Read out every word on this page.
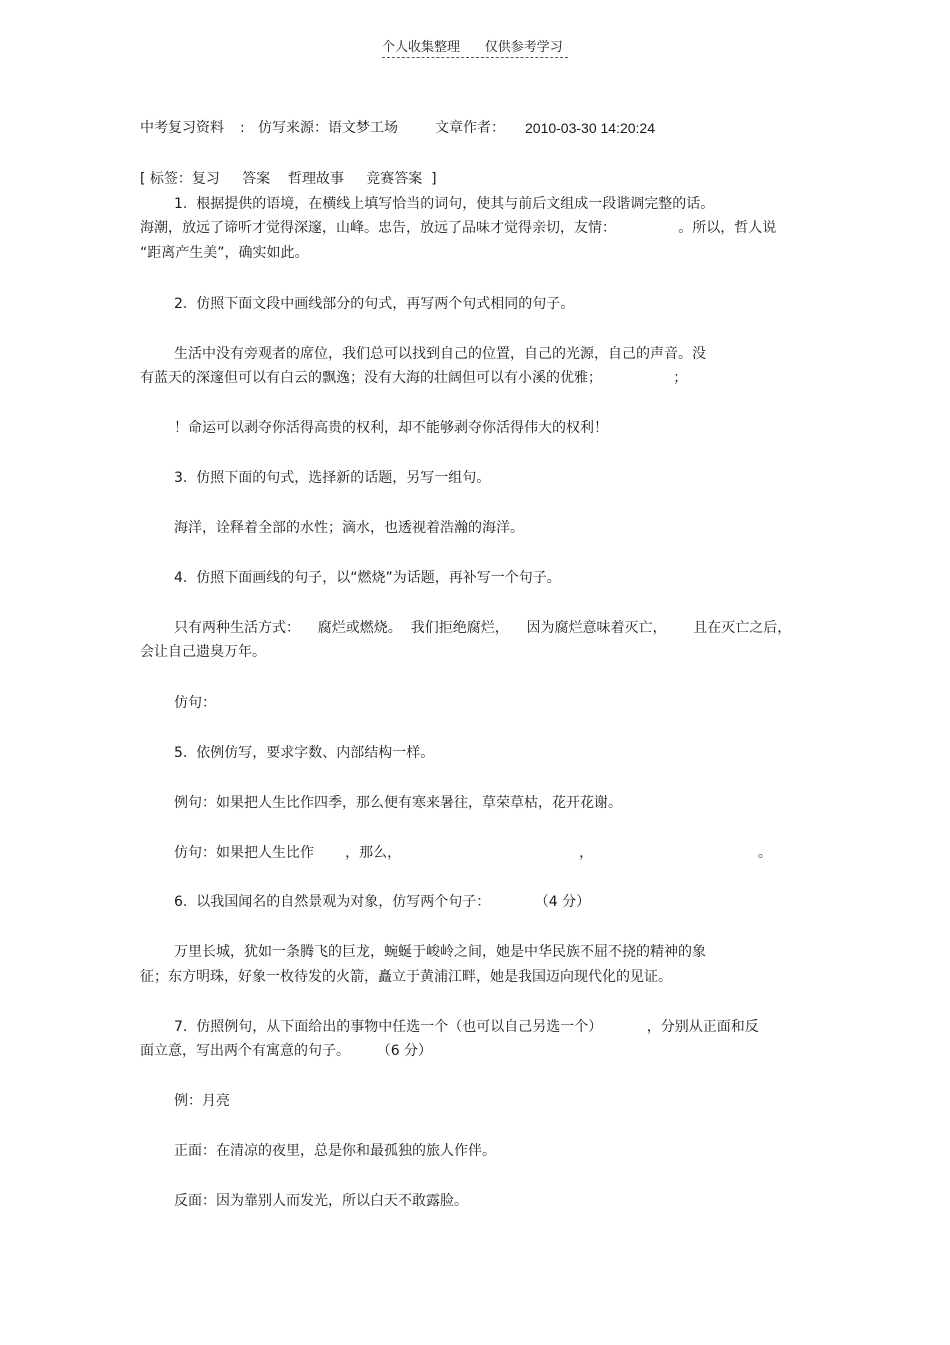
个人收集整理      仅供参考学习
中考复习资料 : 仿写来源：语文梦工场	文章作者： 2010-03-30 14:20:24
[ 标签：复习     答案    哲理故事     竞赛答案  ]
1.  根据提供的语境，在横线上填写恰当的词句，使其与前后文组成一段谐调完整的话。
海潮，放远了谛听才觉得深邃，山峰。忠告，放远了品味才觉得亲切，友情：              。所以，哲人说
“距离产生美”，确实如此。
2.  仿照下面文段中画线部分的句式，再写两个句式相同的句子。
生活中没有旁观者的席位，我们总可以找到自己的位置，自己的光源，自己的声音。没
有蓝天的深邃但可以有白云的飘逸；没有大海的壮阔但可以有小溪的优雅；                ；
！命运可以剥夺你活得高贵的权利，却不能够剥夺你活得伟大的权利！
3.  仿照下面的句式，选择新的话题，另写一组句。
海洋，诠释着全部的水性；滴水，也透视着浩瀚的海洋。
4.  仿照下面画线的句子，以“燃烧”为话题，再补写一个句子。
只有两种生活方式：    腐烂或燃烧。  我们拒绝腐烂，    因为腐烂意味着灭亡，      且在灭亡之后，
会让自己遗臭万年。
仿句：
5.  依例仿写，要求字数、内部结构一样。
例句：如果把人生比作四季，那么便有寒来暑往，草荣草枯，花开花谢。
仿句：如果把人生比作       ，那么，                                        ，                                     。
6.  以我国闻名的自然景观为对象，仿写两个句子：          （4 分）
万里长城，犹如一条腾飞的巨龙，蜿蜒于峻岭之间，她是中华民族不屈不挠的精神的象
征；东方明珠，好象一枚待发的火箭，矗立于黄浦江畔，她是我国迈向现代化的见证。
7.  仿照例句，从下面给出的事物中任选一个（也可以自己另选一个）          ，分别从正面和反
面立意，写出两个有寓意的句子。      （6 分）
例：月亮
正面：在清凉的夜里，总是你和最孤独的旅人作伴。
反面：因为靠别人而发光，所以白天不敢露脸。
